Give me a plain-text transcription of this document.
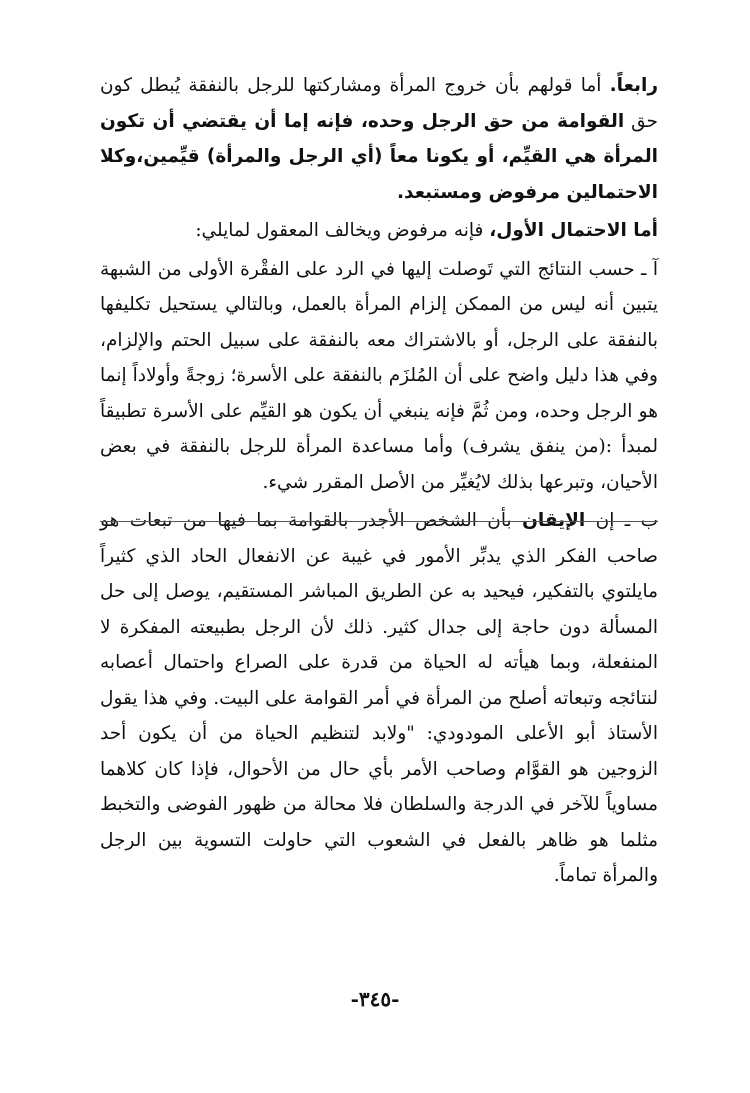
رابعاً. أما قولهم بأن خروج المرأة ومشاركتها للرجل بالنفقة يُبطل كون حق القوامة من حق الرجل وحده، فإنه إما أن يقتضي أن تكون المرأة هي القيِّم، أو يكونا معاً (أي الرجل والمرأة) قيِّمين،وكلا الاحتمالين مرفوض ومستبعد.

أما الاحتمال الأول، فإنه مرفوض ويخالف المعقول لمايلي:

آ ـ حسب النتائج التي تَوصلت إليها في الرد على الفقْرة الأولى من الشبهة يتبين أنه ليس من الممكن إلزام المرأة بالعمل، وبالتالي يستحيل تكليفها بالنفقة على الرجل، أو بالاشتراك معه بالنفقة على سبيل الحتم والإلزام، وفي هذا دليل واضح على أن المُلزَم بالنفقة على الأسرة؛ زوجةً وأولاداً إنما هو الرجل وحده، ومن ثُمَّ فإنه ينبغي أن يكون هو القيِّم على الأسرة تطبيقاً لمبدأ :(من ينفق يشرف) وأما مساعدة المرأة للرجل بالنفقة في بعض الأحيان، وتبرعها بذلك لايُغيِّر من الأصل المقرر شيء.

ب ـ إن الإيقان بأن الشخص الأجدر بالقوامة بما فيها من تبعات هو صاحب الفكر الذي يدبِّر الأمور في غيبة عن الانفعال الحاد الذي كثيراً مايلتوي بالتفكير، فيحيد به عن الطريق المباشر المستقيم، يوصل إلى حل المسألة دون حاجة إلى جدال كثير. ذلك لأن الرجل بطبيعته المفكرة لا المنفعلة، وبما هيأته له الحياة من قدرة على الصراع واحتمال أعصابه لنتائجه وتبعاته أصلح من المرأة في أمر القوامة على البيت. وفي هذا يقول الأستاذ أبو الأعلى المودودي: "ولابد لتنظيم الحياة من أن يكون أحد الزوجين هو القوَّام وصاحب الأمر بأي حال من الأحوال، فإذا كان كلاهما مساوياً للآخر في الدرجة والسلطان فلا محالة من ظهور الفوضى والتخبط مثلما هو ظاهر بالفعل في الشعوب التي حاولت التسوية بين الرجل والمرأة تماماً.

-٣٤٥-
